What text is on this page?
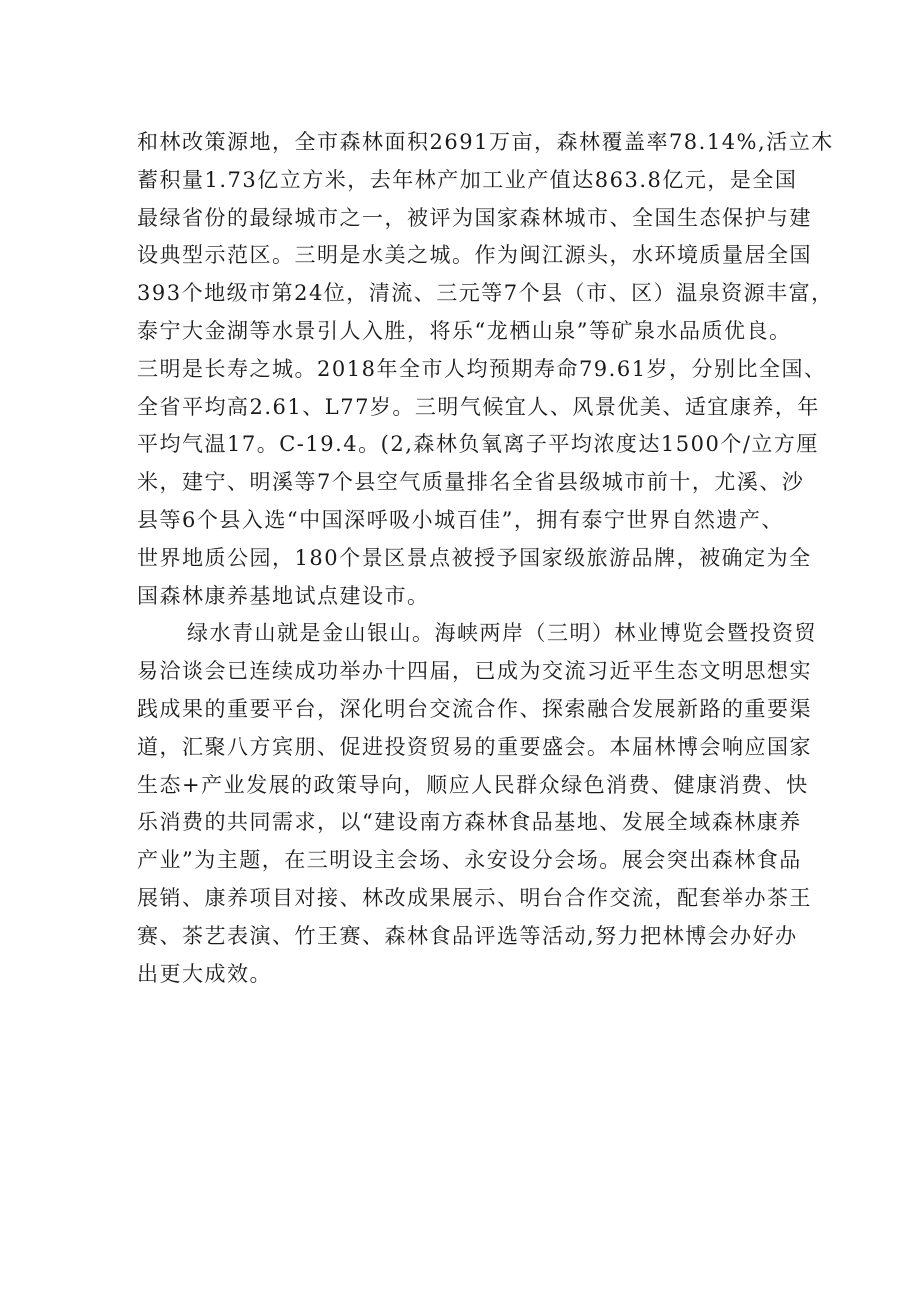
和林改策源地，全市森林面积2691万亩，森林覆盖率78.14%,活立木
蓄积量1.73亿立方米，去年林产加工业产值达863.8亿元，是全国
最绿省份的最绿城市之一，被评为国家森林城市、全国生态保护与建
设典型示范区。三明是水美之城。作为闽江源头，水环境质量居全国
393个地级市第24位，清流、三元等7个县（市、区）温泉资源丰富，
泰宁大金湖等水景引人入胜，将乐“龙栖山泉”等矿泉水品质优良。
三明是长寿之城。2018年全市人均预期寿命79.61岁，分别比全国、
全省平均高2.61、L77岁。三明气候宜人、风景优美、适宜康养，年
平均气温17。C-19.4。(2,森林负氧离子平均浓度达1500个/立方厘
米，建宁、明溪等7个县空气质量排名全省县级城市前十，尤溪、沙
县等6个县入选“中国深呼吸小城百佳”，拥有泰宁世界自然遗产、
世界地质公园，180个景区景点被授予国家级旅游品牌，被确定为全
国森林康养基地试点建设市。
绿水青山就是金山银山。海峡两岸（三明）林业博览会暨投资贸
易洽谈会已连续成功举办十四届，已成为交流习近平生态文明思想实
践成果的重要平台，深化明台交流合作、探索融合发展新路的重要渠
道，汇聚八方宾朋、促进投资贸易的重要盛会。本届林博会响应国家
生态+产业发展的政策导向，顺应人民群众绿色消费、健康消费、快
乐消费的共同需求，以“建设南方森林食品基地、发展全域森林康养
产业”为主题，在三明设主会场、永安设分会场。展会突出森林食品
展销、康养项目对接、林改成果展示、明台合作交流，配套举办茶王
赛、茶艺表演、竹王赛、森林食品评选等活动,努力把林博会办好办
出更大成效。
